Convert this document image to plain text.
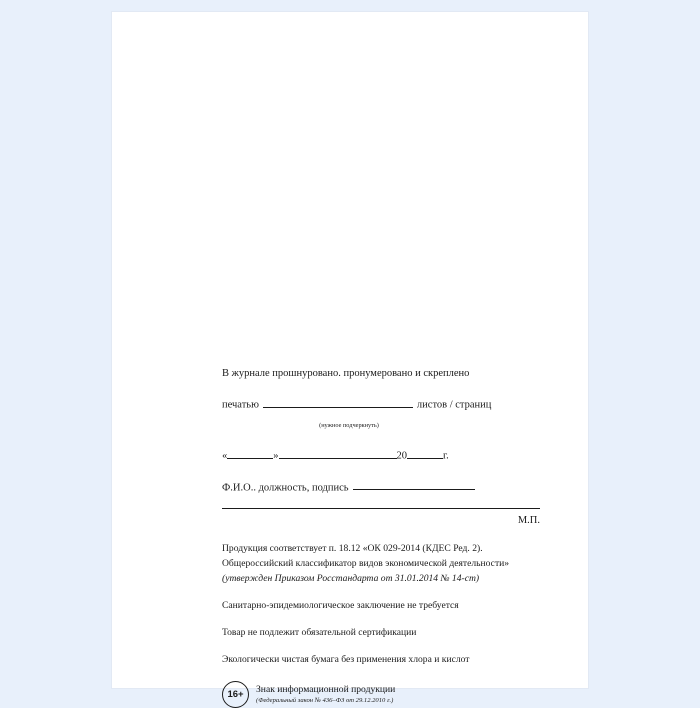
В журнале прошнуровано. пронумеровано и скреплено
печатью	листов / страниц
(нужное подчеркнуть)
«	»	20	г.
Ф.И.О.. должность, подпись
М.П.
Продукция соответствует п. 18.12 «ОК 029-2014 (КДЕС Ред. 2).
Общероссийский классификатор видов экономической деятельности»
(утвержден Приказом Росстандарта от 31.01.2014 № 14-ст)
Санитарно-эпидемиологическое заключение не требуется
Товар не подлежит обязательной сертификации
Экологически чистая бумага без применения хлора и кислот
16+	Знак информационной продукции
(Федеральный закон № 436–ФЗ от 29.12.2010 г.)
